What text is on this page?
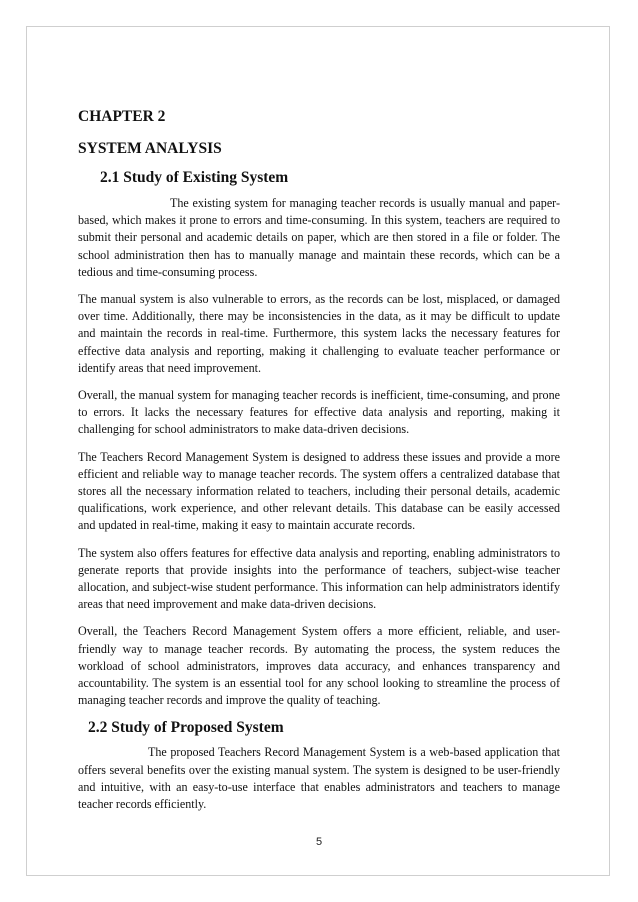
CHAPTER 2
SYSTEM ANALYSIS
2.1 Study of Existing System

The existing system for managing teacher records is usually manual and paper-based, which makes it prone to errors and time-consuming. In this system, teachers are required to submit their personal and academic details on paper, which are then stored in a file or folder. The school administration then has to manually manage and maintain these records, which can be a tedious and time-consuming process.

The manual system is also vulnerable to errors, as the records can be lost, misplaced, or damaged over time. Additionally, there may be inconsistencies in the data, as it may be difficult to update and maintain the records in real-time. Furthermore, this system lacks the necessary features for effective data analysis and reporting, making it challenging to evaluate teacher performance or identify areas that need improvement.

Overall, the manual system for managing teacher records is inefficient, time-consuming, and prone to errors. It lacks the necessary features for effective data analysis and reporting, making it challenging for school administrators to make data-driven decisions.

The Teachers Record Management System is designed to address these issues and provide a more efficient and reliable way to manage teacher records. The system offers a centralized database that stores all the necessary information related to teachers, including their personal details, academic qualifications, work experience, and other relevant details. This database can be easily accessed and updated in real-time, making it easy to maintain accurate records.

The system also offers features for effective data analysis and reporting, enabling administrators to generate reports that provide insights into the performance of teachers, subject-wise teacher allocation, and subject-wise student performance. This information can help administrators identify areas that need improvement and make data-driven decisions.

Overall, the Teachers Record Management System offers a more efficient, reliable, and user-friendly way to manage teacher records. By automating the process, the system reduces the workload of school administrators, improves data accuracy, and enhances transparency and accountability. The system is an essential tool for any school looking to streamline the process of managing teacher records and improve the quality of teaching.

2.2 Study of Proposed System

The proposed Teachers Record Management System is a web-based application that offers several benefits over the existing manual system. The system is designed to be user-friendly and intuitive, with an easy-to-use interface that enables administrators and teachers to manage teacher records efficiently.

5
